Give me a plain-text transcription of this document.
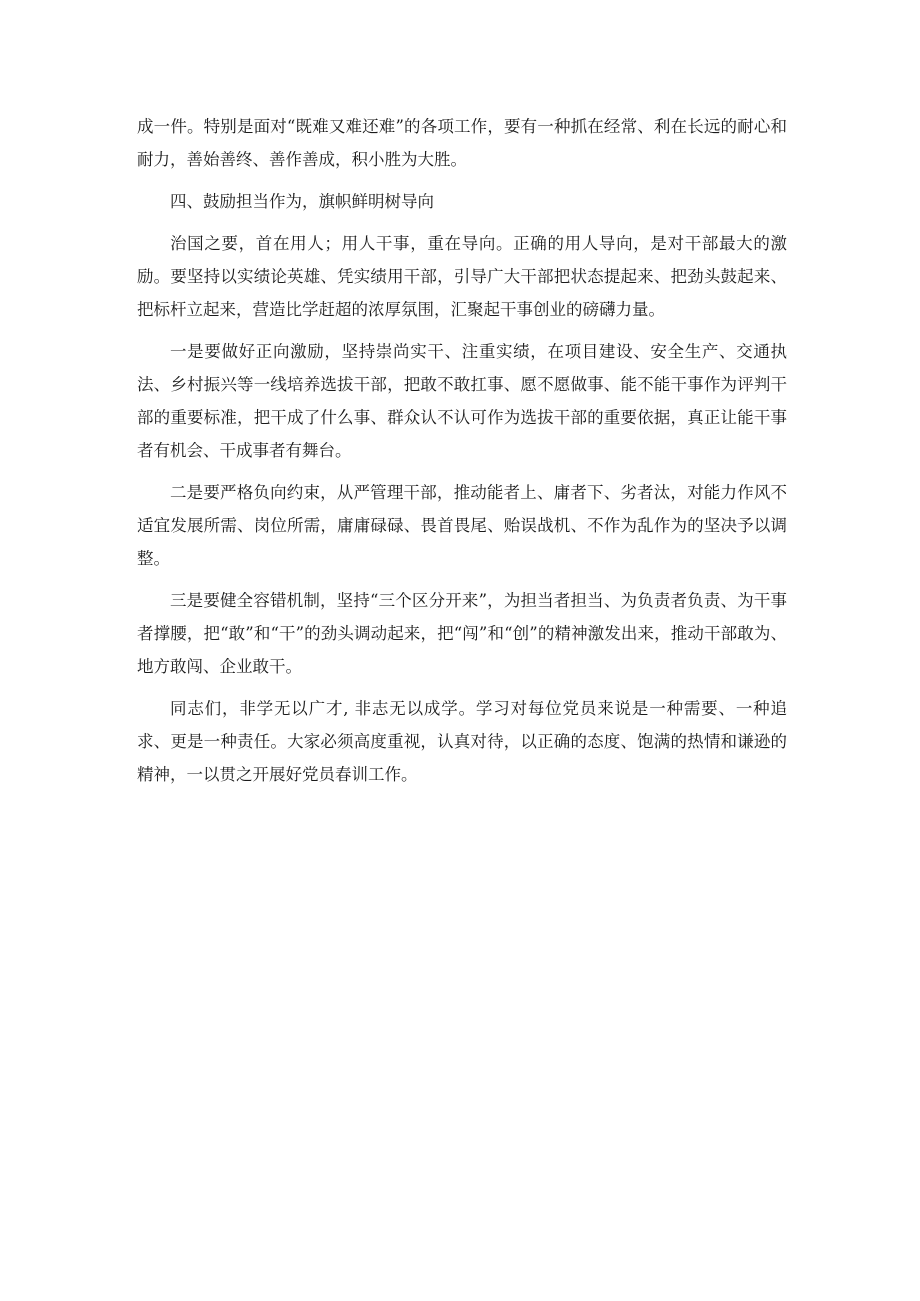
成一件。特别是面对“既难又难还难”的各项工作，要有一种抓在经常、利在长远的耐心和耐力，善始善终、善作善成，积小胜为大胜。

四、鼓励担当作为，旗帜鲜明树导向

治国之要，首在用人；用人干事，重在导向。正确的用人导向，是对干部最大的激励。要坚持以实绩论英雄、凭实绩用干部，引导广大干部把状态提起来、把劲头鼓起来、把标杆立起来，营造比学赶超的浓厚氛围，汇聚起干事创业的磅礴力量。

一是要做好正向激励，坚持崇尚实干、注重实绩，在项目建设、安全生产、交通执法、乡村振兴等一线培养选拔干部，把敢不敢扛事、愿不愿做事、能不能干事作为评判干部的重要标准，把干成了什么事、群众认不认可作为选拔干部的重要依据，真正让能干事者有机会、干成事者有舞台。

二是要严格负向约束，从严管理干部，推动能者上、庸者下、劣者汰，对能力作风不适宜发展所需、岗位所需，庸庸碌碌、畏首畏尾、贻误战机、不作为乱作为的坚决予以调整。

三是要健全容错机制，坚持“三个区分开来”，为担当者担当、为负责者负责、为干事者撑腰，把“敢”和“干”的劲头调动起来，把“闯”和“创”的精神激发出来，推动干部敢为、地方敢闯、企业敢干。

同志们，非学无以广才, 非志无以成学。学习对每位党员来说是一种需要、一种追求、更是一种责任。大家必须高度重视，认真对待，以正确的态度、饱满的热情和谦逊的精神，一以贯之开展好党员春训工作。
